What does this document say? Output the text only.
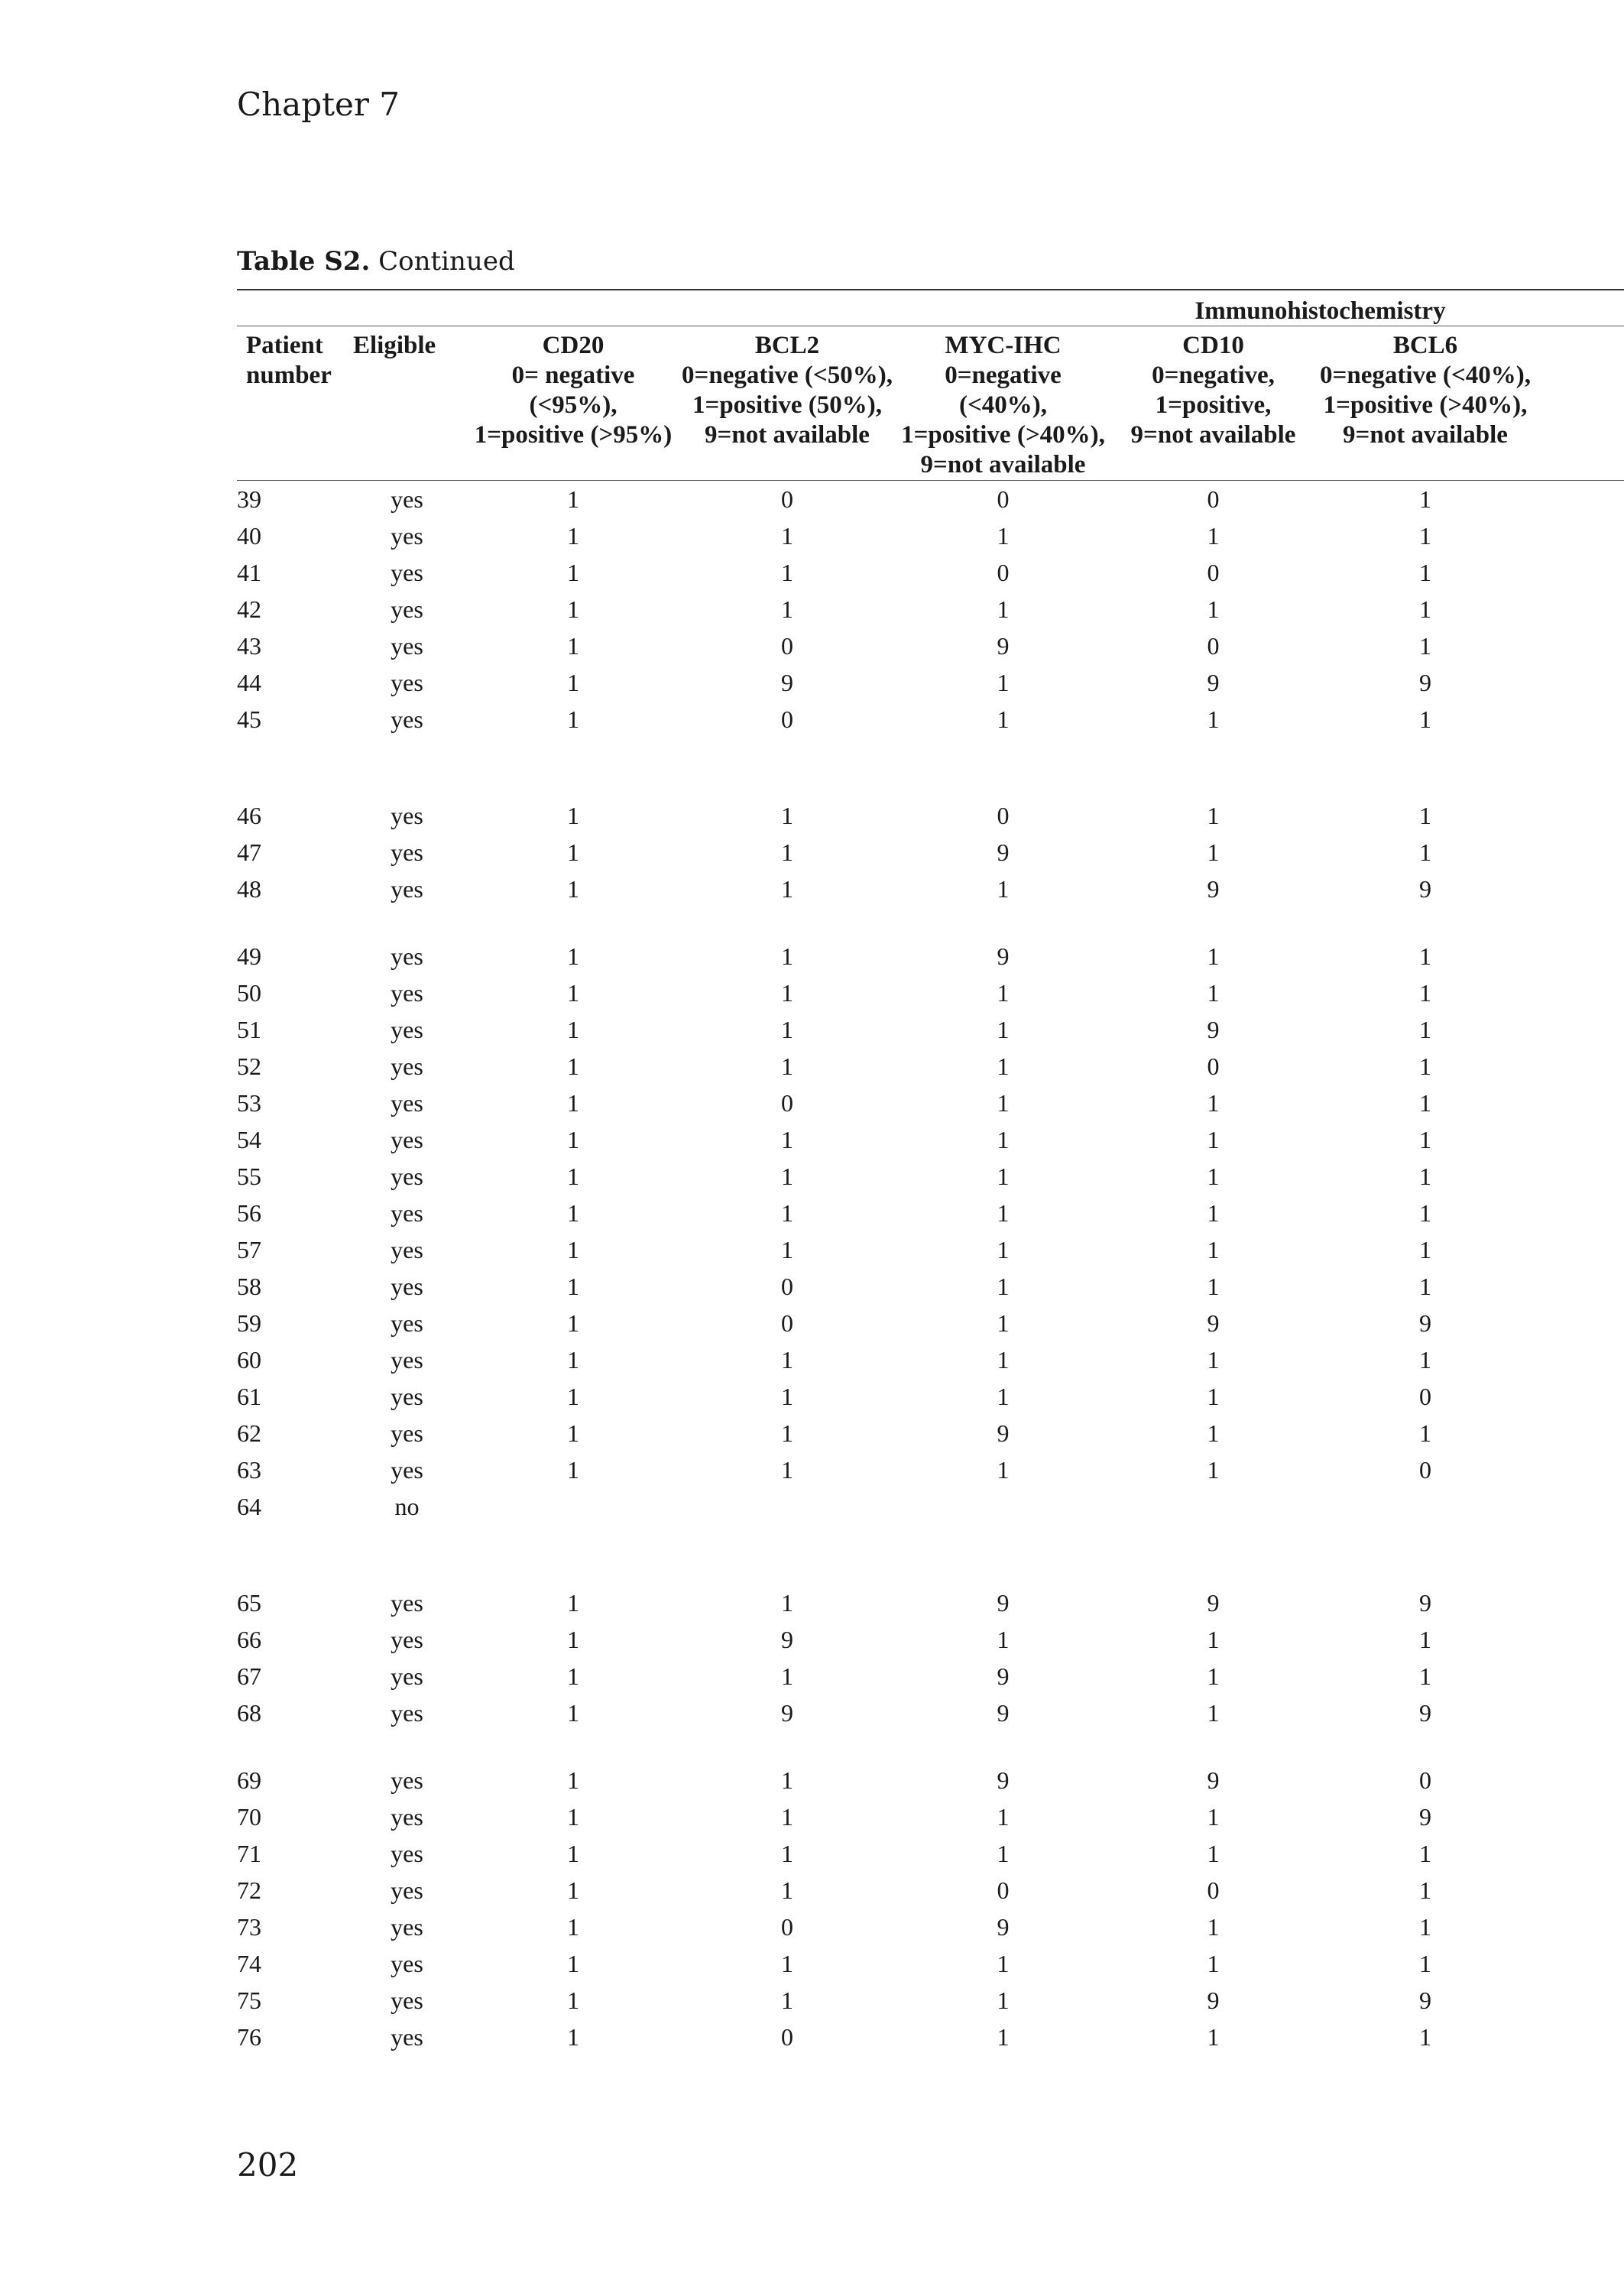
Chapter 7
Table S2. Continued
					Immunohistochemistry		

Patient number	Eligible	CD20
0= negative (<95%),
1=positive (>95%)	BCL2
0=negative (<50%),
1=positive (50%),
9=not available	MYC-IHC
0=negative (<40%),
1=positive (>40%),
9=not available	CD10
0=negative,
1=positive,
9=not available	BCL6
0=negative (<40%),
1=positive (>40%),
9=not available	

39	yes	1	0	0	0	1	
40	yes	1	1	1	1	1	
41	yes	1	1	0	0	1	
42	yes	1	1	1	1	1	
43	yes	1	0	9	0	1	
44	yes	1	9	1	9	9	
45	yes	1	0	1	1	1	

46	yes	1	1	0	1	1	
47	yes	1	1	9	1	1	
48	yes	1	1	1	9	9	

49	yes	1	1	9	1	1	
50	yes	1	1	1	1	1	
51	yes	1	1	1	9	1	
52	yes	1	1	1	0	1	
53	yes	1	0	1	1	1	
54	yes	1	1	1	1	1	
55	yes	1	1	1	1	1	
56	yes	1	1	1	1	1	
57	yes	1	1	1	1	1	
58	yes	1	0	1	1	1	
59	yes	1	0	1	9	9	
60	yes	1	1	1	1	1	
61	yes	1	1	1	1	0	
62	yes	1	1	9	1	1	
63	yes	1	1	1	1	0	
64	no						

65	yes	1	1	9	9	9	
66	yes	1	9	1	1	1	
67	yes	1	1	9	1	1	
68	yes	1	9	9	1	9	

69	yes	1	1	9	9	0	
70	yes	1	1	1	1	9	
71	yes	1	1	1	1	1	
72	yes	1	1	0	0	1	
73	yes	1	0	9	1	1	
74	yes	1	1	1	1	1	
75	yes	1	1	1	9	9	
76	yes	1	0	1	1	1	
202
